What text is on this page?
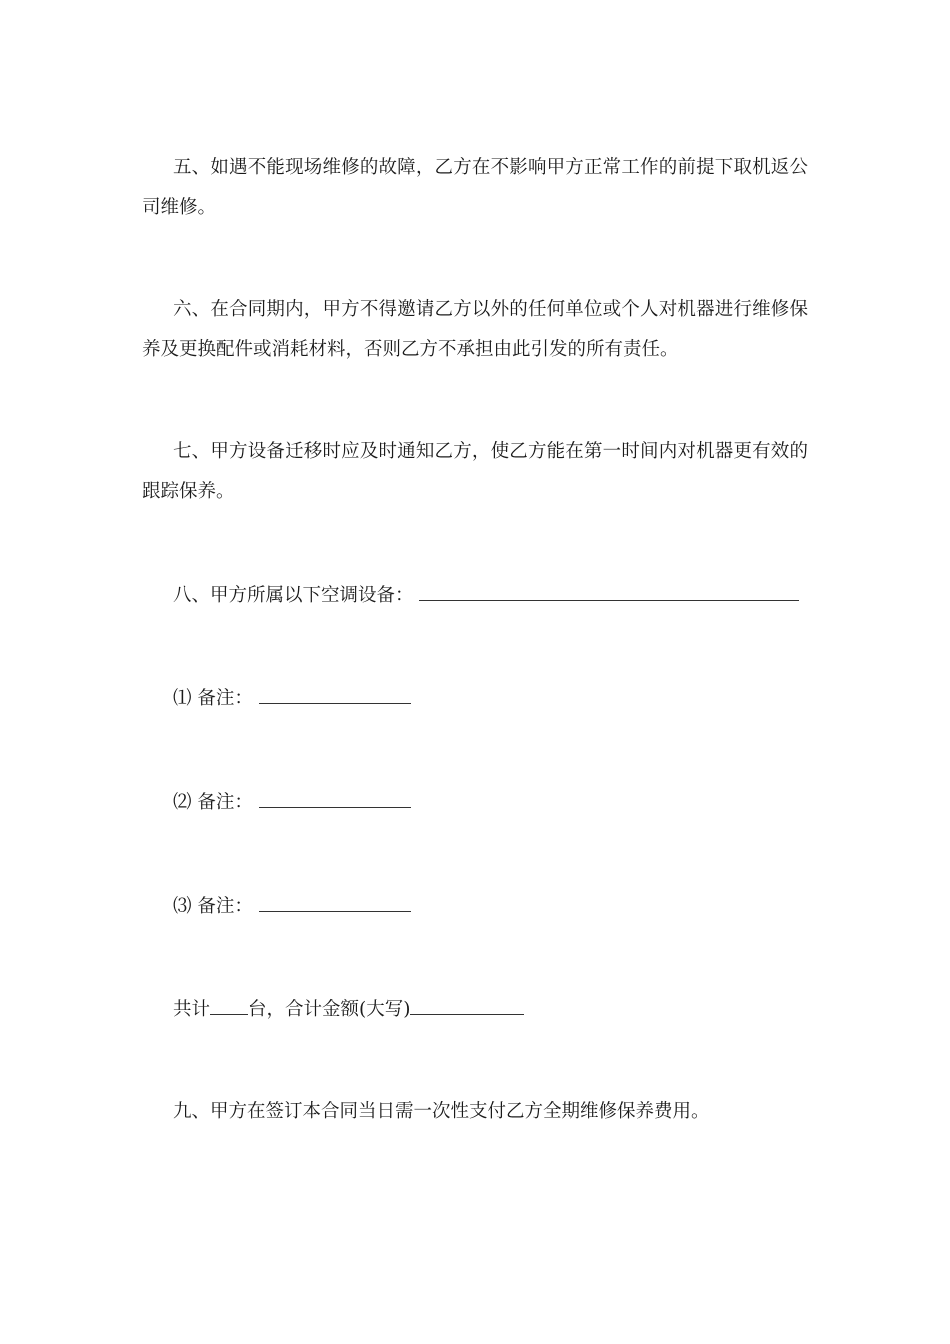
五、如遇不能现场维修的故障，乙方在不影响甲方正常工作的前提下取机返公司维修。

六、在合同期内，甲方不得邀请乙方以外的任何单位或个人对机器进行维修保养及更换配件或消耗材料，否则乙方不承担由此引发的所有责任。

七、甲方设备迁移时应及时通知乙方，使乙方能在第一时间内对机器更有效的跟踪保养。

八、甲方所属以下空调设备：
⑴ 备注：
⑵ 备注：
⑶ 备注：
共计 台，合计金额(大写)
九、甲方在签订本合同当日需一次性支付乙方全期维修保养费用。
